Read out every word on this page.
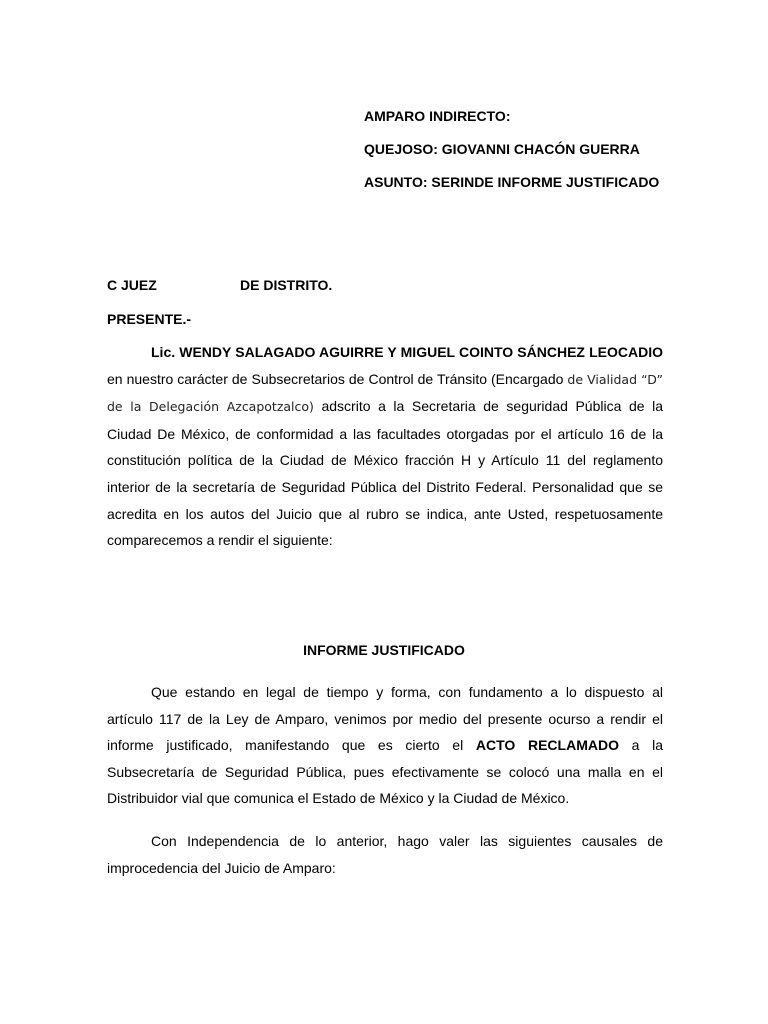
AMPARO INDIRECTO:

QUEJOSO: GIOVANNI CHACÓN GUERRA

ASUNTO: SERINDE INFORME JUSTIFICADO

C JUEZ	DE DISTRITO.
PRESENTE.-

Lic. WENDY SALAGADO AGUIRRE Y MIGUEL COINTO SÁNCHEZ LEOCADIO en nuestro carácter de Subsecretarios de Control de Tránsito (Encargado de Vialidad “D” de la Delegación Azcapotzalco) adscrito a la Secretaria de seguridad Pública de la Ciudad De México, de conformidad a las facultades otorgadas por el artículo 16 de la constitución política de la Ciudad de México fracción H y Artículo 11 del reglamento interior de la secretaría de Seguridad Pública del Distrito Federal. Personalidad que se acredita en los autos del Juicio que al rubro se indica, ante Usted, respetuosamente comparecemos a rendir el siguiente:

INFORME JUSTIFICADO

Que estando en legal de tiempo y forma, con fundamento a lo dispuesto al artículo 117 de la Ley de Amparo, venimos por medio del presente ocurso a rendir el informe justificado, manifestando que es cierto el ACTO RECLAMADO a la Subsecretaría de Seguridad Pública, pues efectivamente se colocó una malla en el Distribuidor vial que comunica el Estado de México y la Ciudad de México.

Con Independencia de lo anterior, hago valer las siguientes causales de improcedencia del Juicio de Amparo:
